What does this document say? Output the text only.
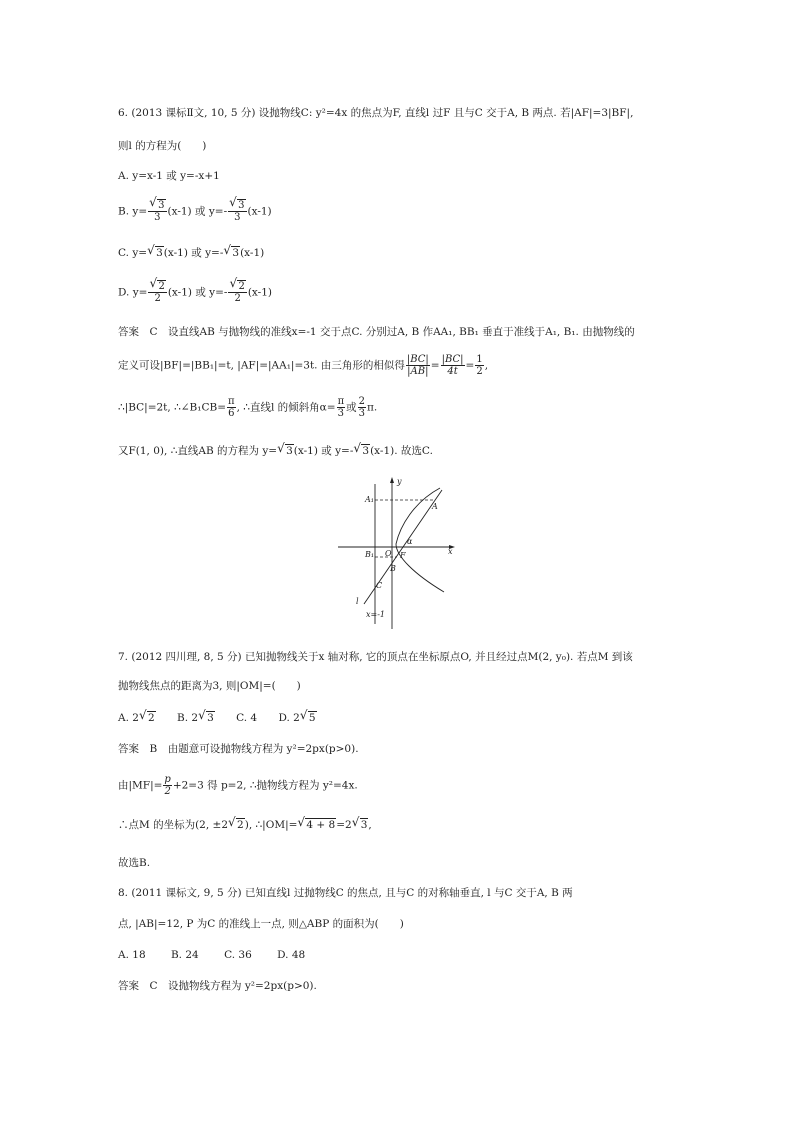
6. (2013 课标Ⅱ文, 10, 5 分) 设抛物线C: y²=4x 的焦点为F, 直线l 过F 且与C 交于A, B 两点. 若|AF|=3|BF|,
则l 的方程为(　　)
A. y=x-1 或 y=-x+1
B. y= √ $\frac{3}{3} (x-1)$ 或 y=- √ $\frac{3}{3} (x-1)$
C. y= √ 3(x-1) 或 y=- √ 3(x-1)
D. y= √ $\frac{2}{2} (x-1)$ 或 y=- √ $\frac{2}{2} (x-1)$
答案　C　设直线AB 与抛物线的准线x=-1 交于点C. 分别过A, B 作AA₁, BB₁ 垂直于准线于A₁, B₁. 由抛物线的
定义可设|BF|=|BB₁|=t, |AF|=|AA₁|=3t. 由三角形的相似得 $\frac{|BC|}{|AB|} = \frac{|BC|}{4t} = \frac{1}{2}$ ,
∴|BC|=2t, ∴∠B₁CB= $\frac{\pi}{6}$ , ∴直线l 的倾斜角$\alpha= \frac{\pi}{3}$ 或 $\frac{2}{3} \pi$.
又F(1, 0), ∴直线AB 的方程为 y= √ 3(x-1) 或 y=- √ 3(x-1). 故选C.
y
x
A₁
A
O F
α
B₁
B
C
l
x=-1
7. (2012 四川理, 8, 5 分) 已知抛物线关于x 轴对称, 它的顶点在坐标原点O, 并且经过点M(2, y₀). 若点M 到该
抛物线焦点的距离为3, 则|OM|=(　　)
A. 2 √ 2 B. 2 √ 3 C. 4 D. 2 √ 5
答案　B　由题意可设抛物线方程为 y²=2px(p>0).
由$|MF|= \frac{p}{2} +2=3$ 得 p=2, ∴抛物线方程为 y²=4x.
∴点M 的坐标为(2, ±2 √ 2), ∴|OM|= √ 4 + 8=2 √ 3,
故选B.
8. (2011 课标文, 9, 5 分) 已知直线l 过抛物线C 的焦点, 且与C 的对称轴垂直, l 与C 交于A, B 两
点, |AB|=12, P 为C 的准线上一点, 则△ABP 的面积为(　　)
A. 18 B. 24 C. 36 D. 48
答案　C　设抛物线方程为 y²=2px(p>0).
